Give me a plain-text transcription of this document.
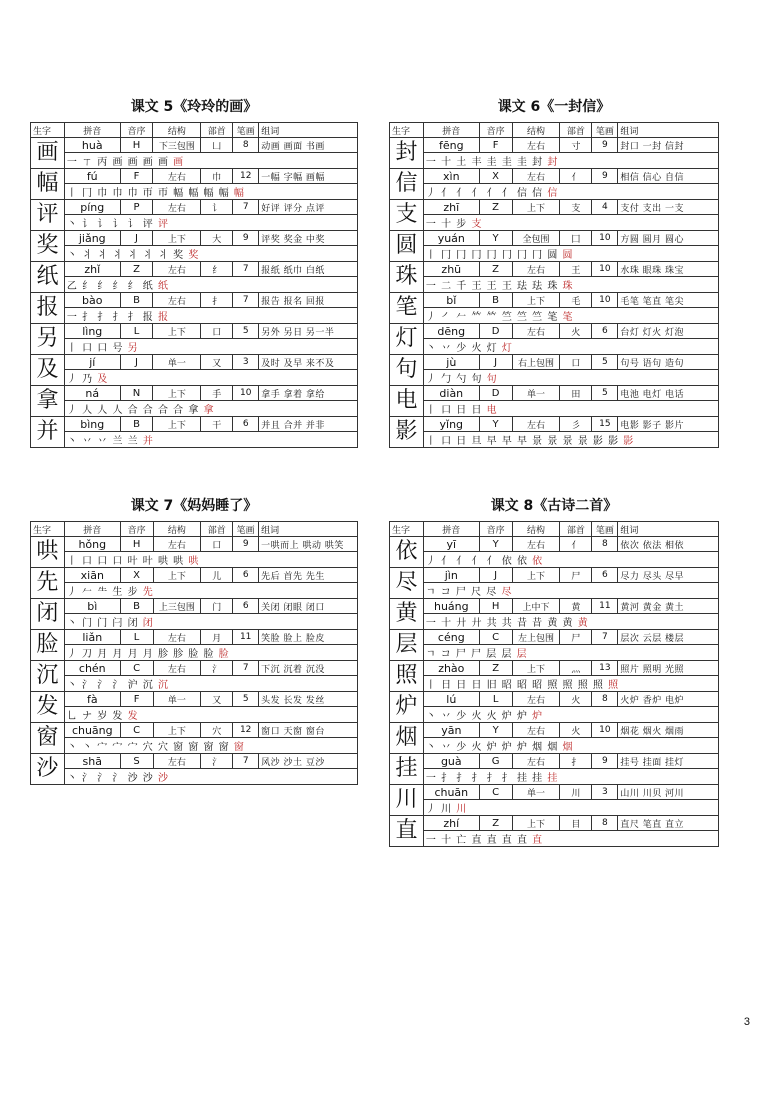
课文 5《玲玲的画》
生字	拼音	音序	结构	部首	笔画	组词
画	huà	H	下三包围	凵	8	动画 画面 书画
	一 ㄒ 丙 画 画 画 画 画					
幅	fú	F	左右	巾	12	一幅 字幅 画幅
	丨 冂 巾 巾 巾 帀 帀 幅 幅 幅 幅 幅					
评	píng	P	左右	讠	7	好评 评分 点评
	丶 讠 讠 讠 讠 评 评					
奖	jiǎng	J	上下	大	9	评奖 奖金 中奖
	丶 丬 丬 丬 丬 丬 丬 奖 奖					
纸	zhǐ	Z	左右	纟	7	报纸 纸巾 白纸
	乙 纟 纟 纟 纟 纸 纸					
报	bào	B	左右	扌	7	报告 报名 回报
	一 扌 扌 扌 扌 报 报					
另	lìng	L	上下	口	5	另外 另日 另一半
	丨 口 口 号 另					
及	jí	J	单一	又	3	及时 及早 来不及
	丿 乃 及					
拿	ná	N	上下	手	10	拿手 拿着 拿给
	丿 人 人 人 合 合 合 合 拿 拿					
并	bìng	B	上下	干	6	并且 合并 并非
	丶 丷 丷 兰 兰 并					
课文 6《一封信》
生字	拼音	音序	结构	部首	笔画	组词
封	fēng	F	左右	寸	9	封口 一封 信封
	一 十 土 丰 圭 圭 圭 封 封					
信	xìn	X	左右	亻	9	相信 信心 自信
	丿 亻 亻 亻 亻 亻 信 信 信					
支	zhī	Z	上下	支	4	支付 支出 一支
	一 十 步 支					
圆	yuán	Y	全包围	囗	10	方圆 圆月 圆心
	丨 冂 冂 冂 冂 冂 冂 冂 圆 圆					
珠	zhū	Z	左右	王	10	水珠 眼珠 珠宝
	一 二 千 王 王 王 珐 珐 珠 珠					
笔	bǐ	B	上下	毛	10	毛笔 笔直 笔尖
	丿 ㇒ 𠂉 𥫗 𥫗 竺 竺 竺 笔 笔					
灯	dēng	D	左右	火	6	台灯 灯火 灯泡
	丶 丷 少 火 灯 灯					
句	jù	J	右上包围	口	5	句号 语句 造句
	丿 勹 勺 句 句					
电	diàn	D	单一	田	5	电池 电灯 电话
	丨 口 日 日 电					
影	yǐng	Y	左右	彡	15	电影 影子 影片
	丨 口 日 旦 早 早 早 景 景 景 景 影 影 影					
课文 7《妈妈睡了》
生字	拼音	音序	结构	部首	笔画	组词
哄	hǒng	H	左右	口	9	一哄而上 哄动 哄笑
	丨 口 口 口 叶 叶 哄 哄 哄					
先	xiān	X	上下	儿	6	先后 首先 先生
	丿 𠂉 ⺧ 生 步 先					
闭	bì	B	上三包围	门	6	关闭 闭眼 闭口
	丶 门 门 闩 闭 闭					
脸	liǎn	L	左右	月	11	笑脸 脸上 脸皮
	丿 刀 月 月 月 月 胗 胗 脸 脸 脸					
沉	chén	C	左右	氵	7	下沉 沉着 沉没
	丶 氵 氵 氵 沪 沉 沉					
发	fà	F	单一	又	5	头发 长发 发丝
	乚 ナ 岁 发 发					
窗	chuāng	C	上下	穴	12	窗口 天窗 窗台
	丶 丶 宀 宀 宀 穴 穴 窗 窗 窗 窗 窗					
沙	shā	S	左右	氵	7	风沙 沙土 豆沙
	丶 氵 氵 氵 沙 沙 沙					
课文 8《古诗二首》
生字	拼音	音序	结构	部首	笔画	组词
依	yī	Y	左右	亻	8	依次 依法 相依
	丿 亻 亻 亻 亻 依 依 依					
尽	jìn	J	上下	尸	6	尽力 尽头 尽早
	ㄱ コ 尸 尺 尽 尽					
黄	huáng	H	上中下	黄	11	黄河 黄金 黄土
	一 十 廾 廾 共 共 昔 昔 黄 黄 黄					
层	céng	C	左上包围	尸	7	层次 云层 楼层
	ㄱ コ 尸 尸 层 层 层					
照	zhào	Z	上下	灬	13	照片 照明 光照
	丨 日 日 日 旧 昭 昭 昭 照 照 照 照 照					
炉	lú	L	左右	火	8	火炉 香炉 电炉
	丶 丷 少 火 火 炉 炉 炉					
烟	yān	Y	左右	火	10	烟花 烟火 烟雨
	丶 丷 少 火 炉 炉 炉 烟 烟 烟					
挂	guà	G	左右	扌	9	挂号 挂面 挂灯
	一 扌 扌 扌 扌 扌 挂 挂 挂					
川	chuān	C	单一	川	3	山川 川贝 河川
	丿 川 川					
直	zhí	Z	上下	目	8	直尺 笔直 直立
	一 十 亡 直 直 直 直 直					
3
